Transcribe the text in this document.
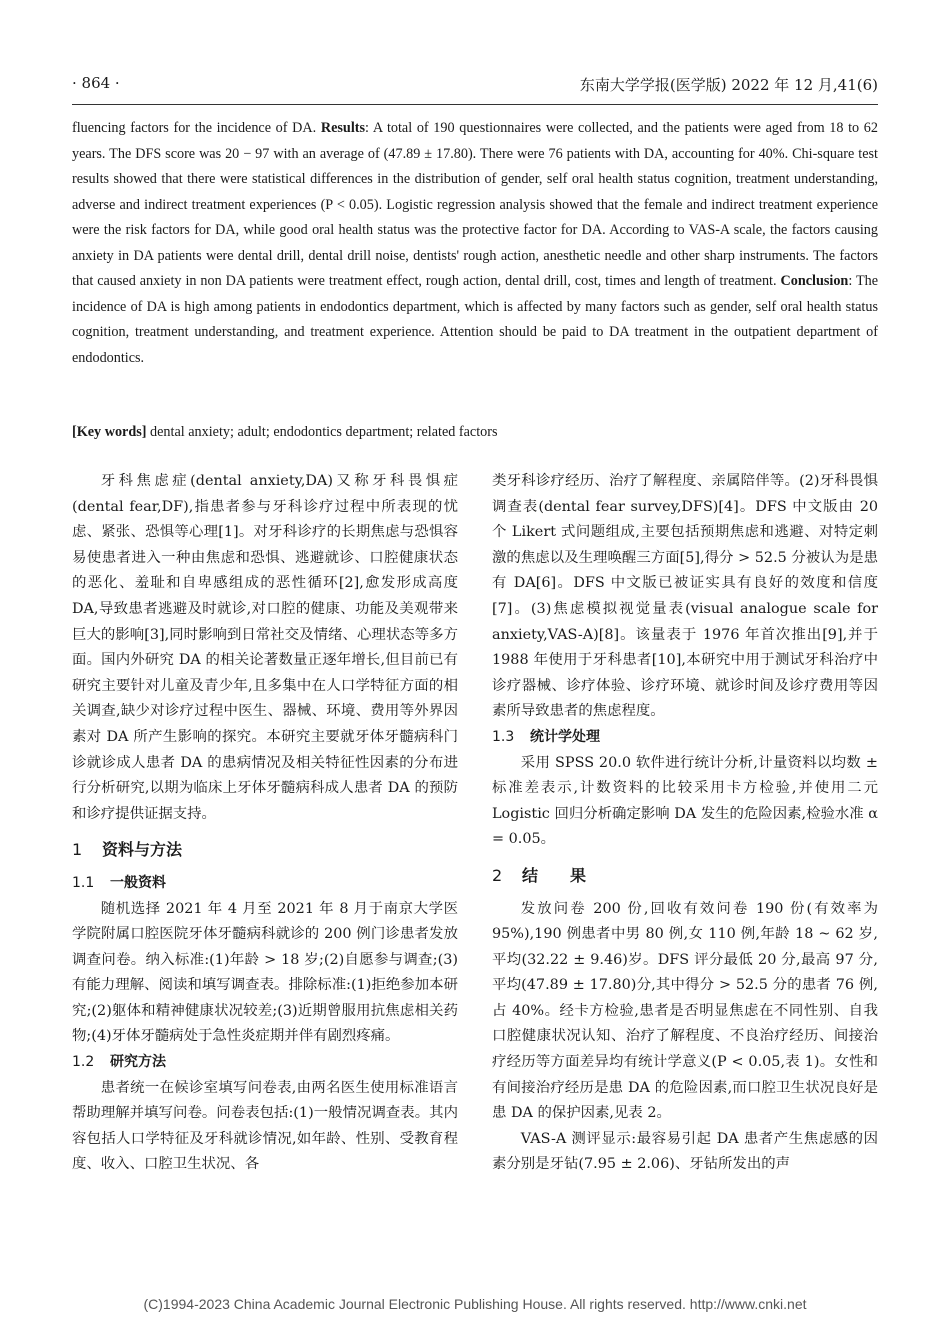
· 864 ·	东南大学学报(医学版) 2022 年 12 月,41(6)
fluencing factors for the incidence of DA. Results: A total of 190 questionnaires were collected, and the patients were aged from 18 to 62 years. The DFS score was 20 − 97 with an average of (47.89 ± 17.80). There were 76 patients with DA, accounting for 40%. Chi-square test results showed that there were statistical differences in the distribution of gender, self oral health status cognition, treatment understanding, adverse and indirect treatment experiences (P < 0.05). Logistic regression analysis showed that the female and indirect treatment experience were the risk factors for DA, while good oral health status was the protective factor for DA. According to VAS-A scale, the factors causing anxiety in DA patients were dental drill, dental drill noise, dentists' rough action, anesthetic needle and other sharp instruments. The factors that caused anxiety in non DA patients were treatment effect, rough action, dental drill, cost, times and length of treatment. Conclusion: The incidence of DA is high among patients in endodontics department, which is affected by many factors such as gender, self oral health status cognition, treatment understanding, and treatment experience. Attention should be paid to DA treatment in the outpatient department of endodontics.
[Key words] dental anxiety; adult; endodontics department; related factors

牙科焦虑症(dental anxiety,DA)又称牙科畏惧症(dental fear,DF),指患者参与牙科诊疗过程中所表现的忧虑、紧张、恐惧等心理[1]。对牙科诊疗的长期焦虑与恐惧容易使患者进入一种由焦虑和恐惧、逃避就诊、口腔健康状态的恶化、羞耻和自卑感组成的恶性循环[2],愈发形成高度 DA,导致患者逃避及时就诊,对口腔的健康、功能及美观带来巨大的影响[3],同时影响到日常社交及情绪、心理状态等多方面。国内外研究 DA 的相关论著数量正逐年增长,但目前已有研究主要针对儿童及青少年,且多集中在人口学特征方面的相关调查,缺少对诊疗过程中医生、器械、环境、费用等外界因素对 DA 所产生影响的探究。本研究主要就牙体牙髓病科门诊就诊成人患者 DA 的患病情况及相关特征性因素的分布进行分析研究,以期为临床上牙体牙髓病科成人患者 DA 的预防和诊疗提供证据支持。

1 资料与方法
1.1 一般资料

随机选择 2021 年 4 月至 2021 年 8 月于南京大学医学院附属口腔医院牙体牙髓病科就诊的 200 例门诊患者发放调查问卷。纳入标准:(1)年龄 > 18 岁;(2)自愿参与调查;(3)有能力理解、阅读和填写调查表。排除标准:(1)拒绝参加本研究;(2)躯体和精神健康状况较差;(3)近期曾服用抗焦虑相关药物;(4)牙体牙髓病处于急性炎症期并伴有剧烈疼痛。

1.2 研究方法

患者统一在候诊室填写问卷表,由两名医生使用标准语言帮助理解并填写问卷。问卷表包括:(1)一般情况调查表。其内容包括人口学特征及牙科就诊情况,如年龄、性别、受教育程度、收入、口腔卫生状况、各

类牙科诊疗经历、治疗了解程度、亲属陪伴等。(2)牙科畏惧调查表(dental fear survey,DFS)[4]。DFS 中文版由 20 个 Likert 式问题组成,主要包括预期焦虑和逃避、对特定刺激的焦虑以及生理唤醒三方面[5],得分 > 52.5 分被认为是患有 DA[6]。DFS 中文版已被证实具有良好的效度和信度[7]。(3)焦虑模拟视觉量表(visual analogue scale for anxiety,VAS-A)[8]。该量表于 1976 年首次推出[9],并于 1988 年使用于牙科患者[10],本研究中用于测试牙科治疗中诊疗器械、诊疗体验、诊疗环境、就诊时间及诊疗费用等因素所导致患者的焦虑程度。

1.3 统计学处理

采用 SPSS 20.0 软件进行统计分析,计量资料以均数 ± 标准差表示,计数资料的比较采用卡方检验,并使用二元 Logistic 回归分析确定影响 DA 发生的危险因素,检验水准 α = 0.05。

2 结　　果

发放问卷 200 份,回收有效问卷 190 份(有效率为 95%),190 例患者中男 80 例,女 110 例,年龄 18 ~ 62 岁,平均(32.22 ± 9.46)岁。DFS 评分最低 20 分,最高 97 分,平均(47.89 ± 17.80)分,其中得分 > 52.5 分的患者 76 例,占 40%。经卡方检验,患者是否明显焦虑在不同性别、自我口腔健康状况认知、治疗了解程度、不良治疗经历、间接治疗经历等方面差异均有统计学意义(P < 0.05,表 1)。女性和有间接治疗经历是患 DA 的危险因素,而口腔卫生状况良好是患 DA 的保护因素,见表 2。

VAS-A 测评显示:最容易引起 DA 患者产生焦虑感的因素分别是牙钻(7.95 ± 2.06)、牙钻所发出的声

(C)1994-2023 China Academic Journal Electronic Publishing House. All rights reserved. http://www.cnki.net
